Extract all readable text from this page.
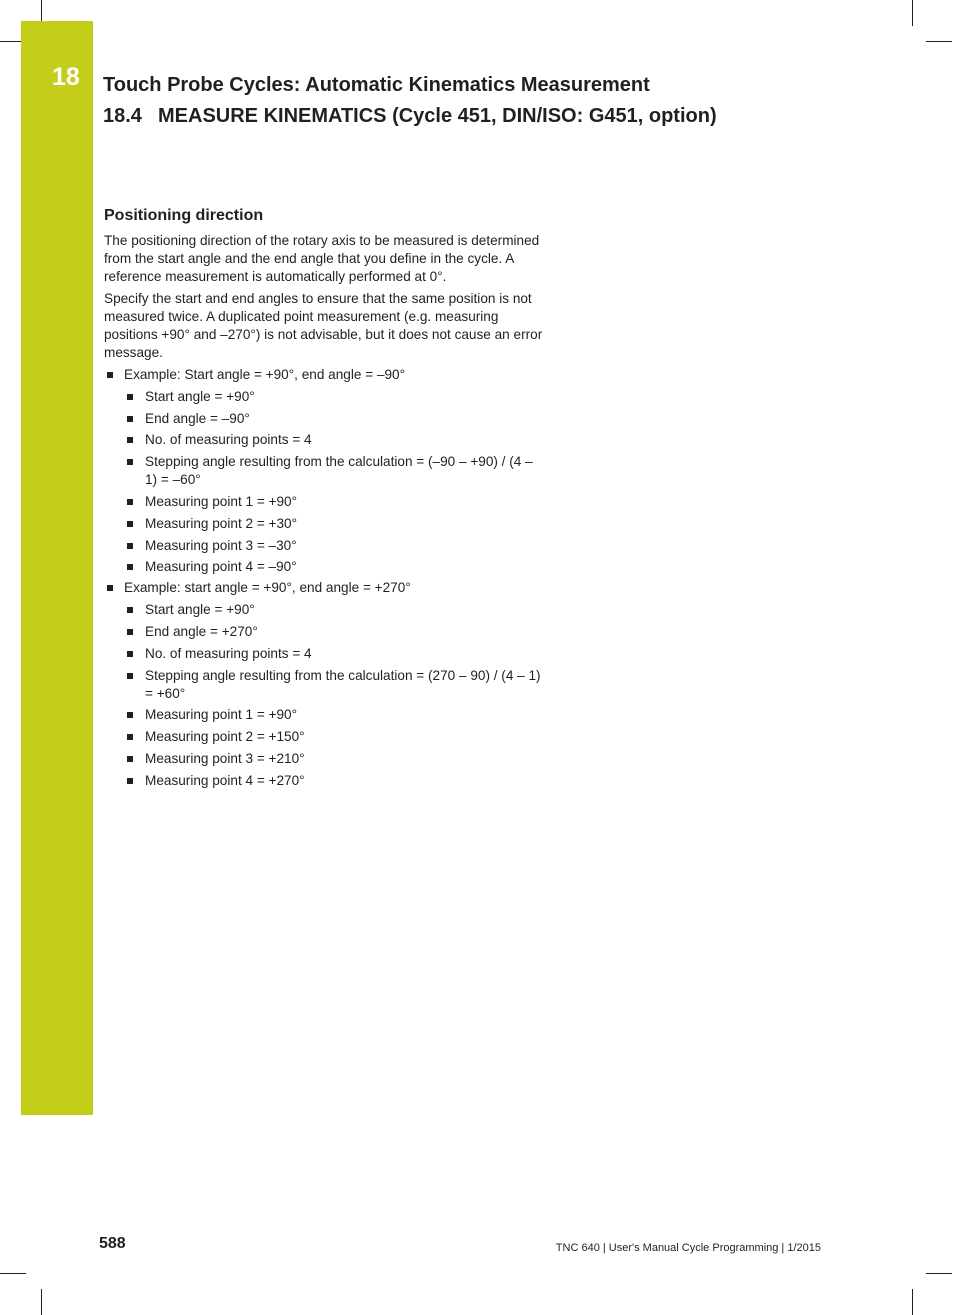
18 Touch Probe Cycles: Automatic Kinematics Measurement
18.4 MEASURE KINEMATICS (Cycle 451, DIN/ISO: G451, option)
Positioning direction

The positioning direction of the rotary axis to be measured is determined from the start angle and the end angle that you define in the cycle. A reference measurement is automatically performed at 0°.

Specify the start and end angles to ensure that the same position is not measured twice. A duplicated point measurement (e.g. measuring positions +90° and –270°) is not advisable, but it does not cause an error message.

Example: Start angle = +90°, end angle = –90°
Start angle = +90°
End angle = –90°
No. of measuring points = 4
Stepping angle resulting from the calculation = (–90 – +90) / (4 – 1) = –60°
Measuring point 1 = +90°
Measuring point 2 = +30°
Measuring point 3 = –30°
Measuring point 4 = –90°
Example: start angle = +90°, end angle = +270°
Start angle = +90°
End angle = +270°
No. of measuring points = 4
Stepping angle resulting from the calculation = (270 – 90) / (4 – 1) = +60°
Measuring point 1 = +90°
Measuring point 2 = +150°
Measuring point 3 = +210°
Measuring point 4 = +270°
588	TNC 640 | User's Manual Cycle Programming | 1/2015
